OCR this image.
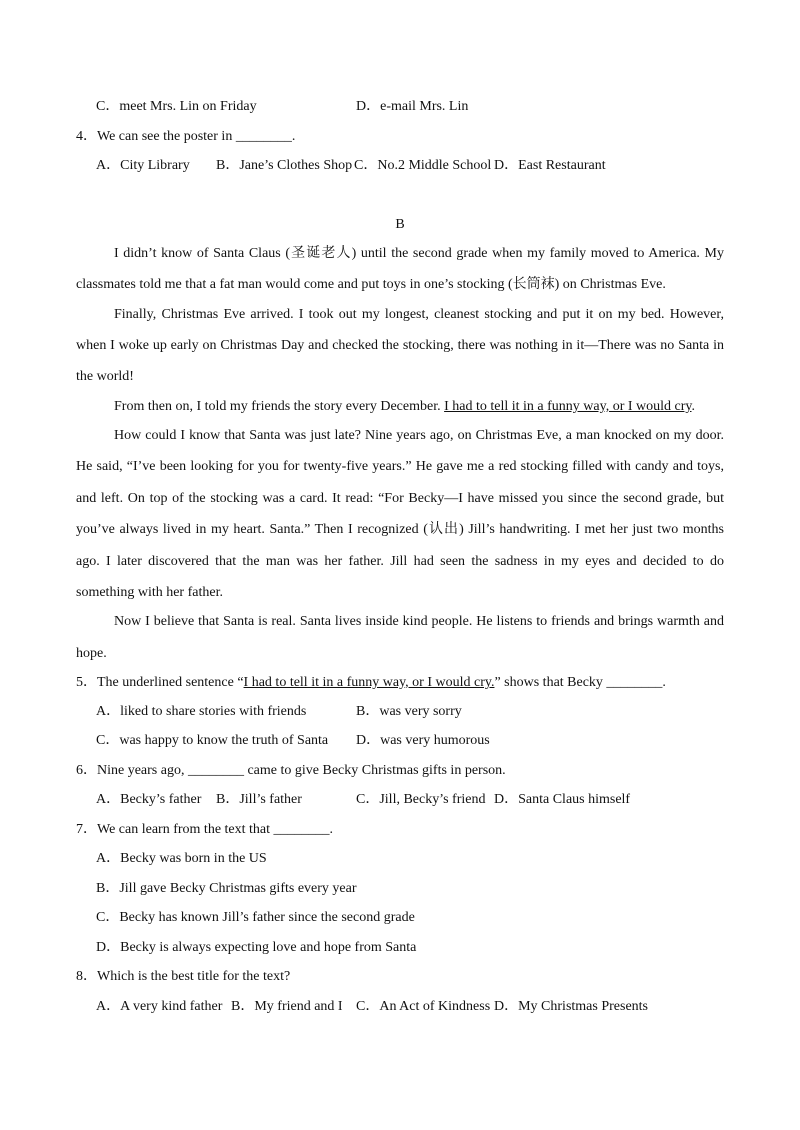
C．meet Mrs. Lin on Friday	D．e-mail Mrs. Lin
4．We can see the poster in ________.
A．City Library B．Jane’s Clothes Shop C．No.2 Middle School D．East Restaurant
B
I didn’t know of Santa Claus (圣诞老人) until the second grade when my family moved to America. My
classmates told me that a fat man would come and put toys in one’s stocking (长筒袜) on Christmas Eve.
Finally, Christmas Eve arrived. I took out my longest, cleanest stocking and put it on my bed. However,
when I woke up early on Christmas Day and checked the stocking, there was nothing in it—There was no Santa in
the world!
From then on, I told my friends the story every December. I had to tell it in a funny way, or I would cry.
How could I know that Santa was just late? Nine years ago, on Christmas Eve, a man knocked on my door.
He said, “I’ve been looking for you for twenty-five years.” He gave me a red stocking filled with candy and toys,
and left. On top of the stocking was a card. It read: “For Becky—I have missed you since the second grade, but
you’ve always lived in my heart. Santa.” Then I recognized (认出) Jill’s handwriting. I met her just two months
ago. I later discovered that the man was her father. Jill had seen the sadness in my eyes and decided to do
something with her father.
Now I believe that Santa is real. Santa lives inside kind people. He listens to friends and brings warmth and
hope.
5．The underlined sentence “I had to tell it in a funny way, or I would cry.” shows that Becky ________.
A．liked to share stories with friends	B．was very sorry
C．was happy to know the truth of Santa D．was very humorous
6．Nine years ago, ________ came to give Becky Christmas gifts in person.
A．Becky’s father B．Jill’s father	C．Jill, Becky’s friend D．Santa Claus himself
7．We can learn from the text that ________.
A．Becky was born in the US
B．Jill gave Becky Christmas gifts every year
C．Becky has known Jill’s father since the second grade
D．Becky is always expecting love and hope from Santa
8．Which is the best title for the text?
A．A very kind father B．My friend and I C．An Act of Kindness D．My Christmas Presents
